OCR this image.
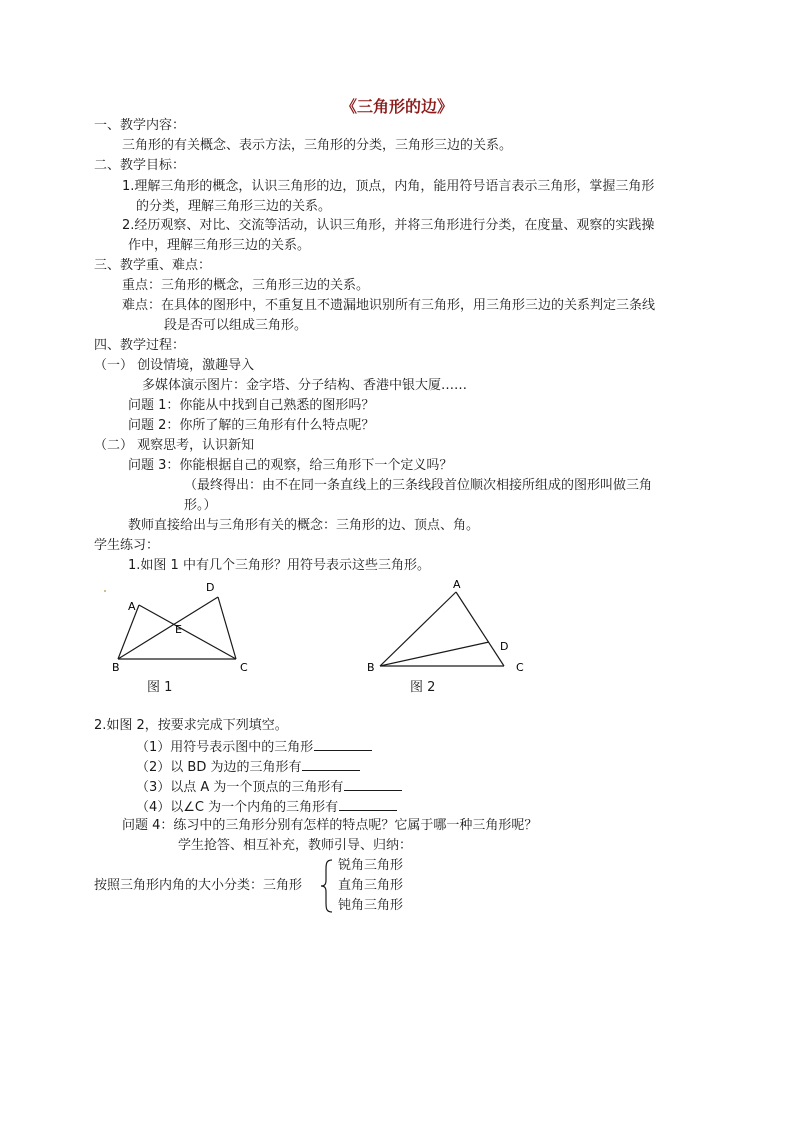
《三角形的边》
一、教学内容：
三角形的有关概念、表示方法，三角形的分类，三角形三边的关系。
二、教学目标：
1.理解三角形的概念，认识三角形的边，顶点，内角，能用符号语言表示三角形，掌握三角形
的分类，理解三角形三边的关系。
2.经历观察、对比、交流等活动，认识三角形，并将三角形进行分类，在度量、观察的实践操
作中，理解三角形三边的关系。
三、教学重、难点：
重点：三角形的概念，三角形三边的关系。
难点：在具体的图形中，不重复且不遗漏地识别所有三角形，用三角形三边的关系判定三条线
段是否可以组成三角形。
四、教学过程：
（一） 创设情境，激趣导入
多媒体演示图片：金字塔、分子结构、香港中银大厦……
问题 1：你能从中找到自己熟悉的图形吗？
问题 2：你所了解的三角形有什么特点呢？
（二） 观察思考，认识新知
问题 3：你能根据自己的观察，给三角形下一个定义吗？
（最终得出：由不在同一条直线上的三条线段首位顺次相接所组成的图形叫做三角
形。）
教师直接给出与三角形有关的概念：三角形的边、顶点、角。
学生练习：
1.如图 1 中有几个三角形？用符号表示这些三角形。
A
D
E
B	C
图 1
A
D
B	C
图 2
2.如图 2，按要求完成下列填空。
（1）用符号表示图中的三角形
（2）以 BD 为边的三角形有
（3）以点 A 为一个顶点的三角形有
（4）以∠C 为一个内角的三角形有
问题 4：练习中的三角形分别有怎样的特点呢？它属于哪一种三角形呢？
学生抢答、相互补充，教师引导、归纳：
按照三角形内角的大小分类：三角形
锐角三角形
直角三角形
钝角三角形
